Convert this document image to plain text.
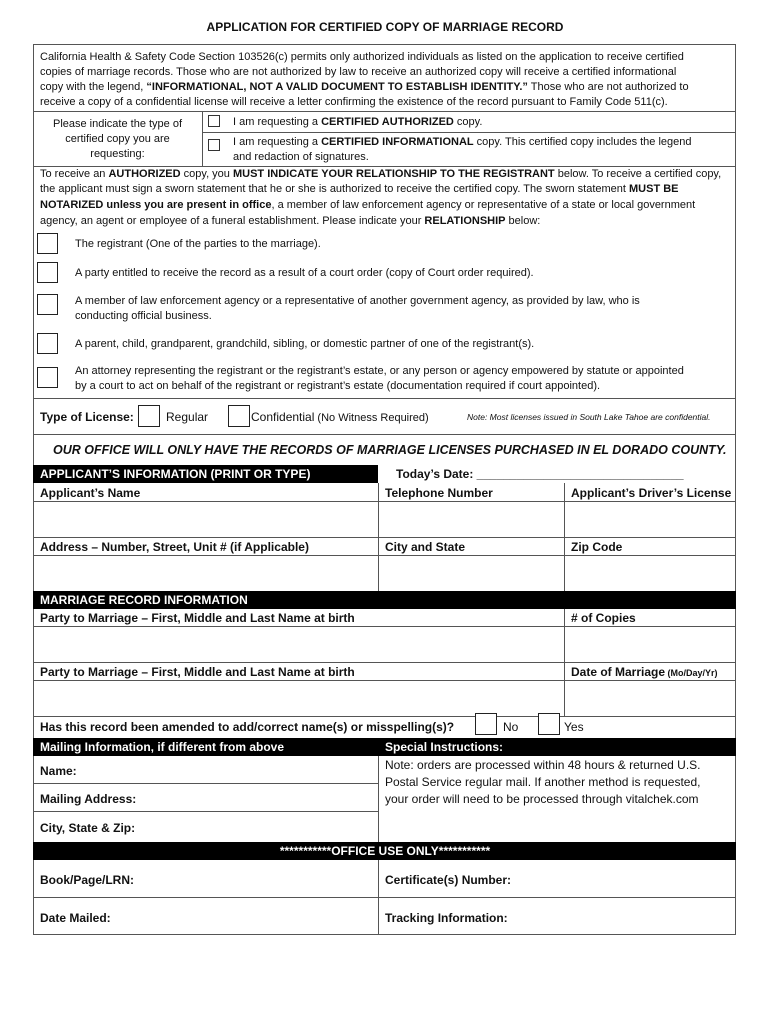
APPLICATION FOR CERTIFIED COPY OF MARRIAGE RECORD
California Health & Safety Code Section 103526(c) permits only authorized individuals as listed on the application to receive certified
copies of marriage records. Those who are not authorized by law to receive an authorized copy will receive a certified informational
copy with the legend, “INFORMATIONAL, NOT A VALID DOCUMENT TO ESTABLISH IDENTITY.” Those who are not authorized to
receive a copy of a confidential license will receive a letter confirming the existence of the record pursuant to Family Code 511(c).
Please indicate the type of
certified copy you are
requesting:
I am requesting a CERTIFIED AUTHORIZED copy.
I am requesting a CERTIFIED INFORMATIONAL copy. This certified copy includes the legend
and redaction of signatures.
To receive an AUTHORIZED copy, you MUST INDICATE YOUR RELATIONSHIP TO THE REGISTRANT below. To receive a certified copy,
the applicant must sign a sworn statement that he or she is authorized to receive the certified copy. The sworn statement MUST BE
NOTARIZED unless you are present in office, a member of law enforcement agency or representative of a state or local government
agency, an agent or employee of a funeral establishment. Please indicate your RELATIONSHIP below:
The registrant (One of the parties to the marriage).
A party entitled to receive the record as a result of a court order (copy of Court order required).
A member of law enforcement agency or a representative of another government agency, as provided by law, who is
conducting official business.
A parent, child, grandparent, grandchild, sibling, or domestic partner of one of the registrant(s).
An attorney representing the registrant or the registrant’s estate, or any person or agency empowered by statute or appointed
by a court to act on behalf of the registrant or registrant’s estate (documentation required if court appointed).
Type of License:	Regular	Confidential (No Witness Required)	Note: Most licenses issued in South Lake Tahoe are confidential.
OUR OFFICE WILL ONLY HAVE THE RECORDS OF MARRIAGE LICENSES PURCHASED IN EL DORADO COUNTY.
APPLICANT’S INFORMATION (PRINT OR TYPE)	Today’s Date: _______________________________
Applicant’s Name	Telephone Number	Applicant’s Driver’s License
Address – Number, Street, Unit # (if Applicable)	City and State	Zip Code
MARRIAGE RECORD INFORMATION
Party to Marriage – First, Middle and Last Name at birth	# of Copies
Party to Marriage – First, Middle and Last Name at birth	Date of Marriage (Mo/Day/Yr)
Has this record been amended to add/correct name(s) or misspelling(s)?	No	Yes
Mailing Information, if different from above	Special Instructions:
Name:
Mailing Address:
City, State & Zip:
Note: orders are processed within 48 hours & returned U.S.
Postal Service regular mail. If another method is requested,
your order will need to be processed through vitalchek.com
***********OFFICE USE ONLY***********
Book/Page/LRN:	Certificate(s) Number:
Date Mailed:	Tracking Information:
